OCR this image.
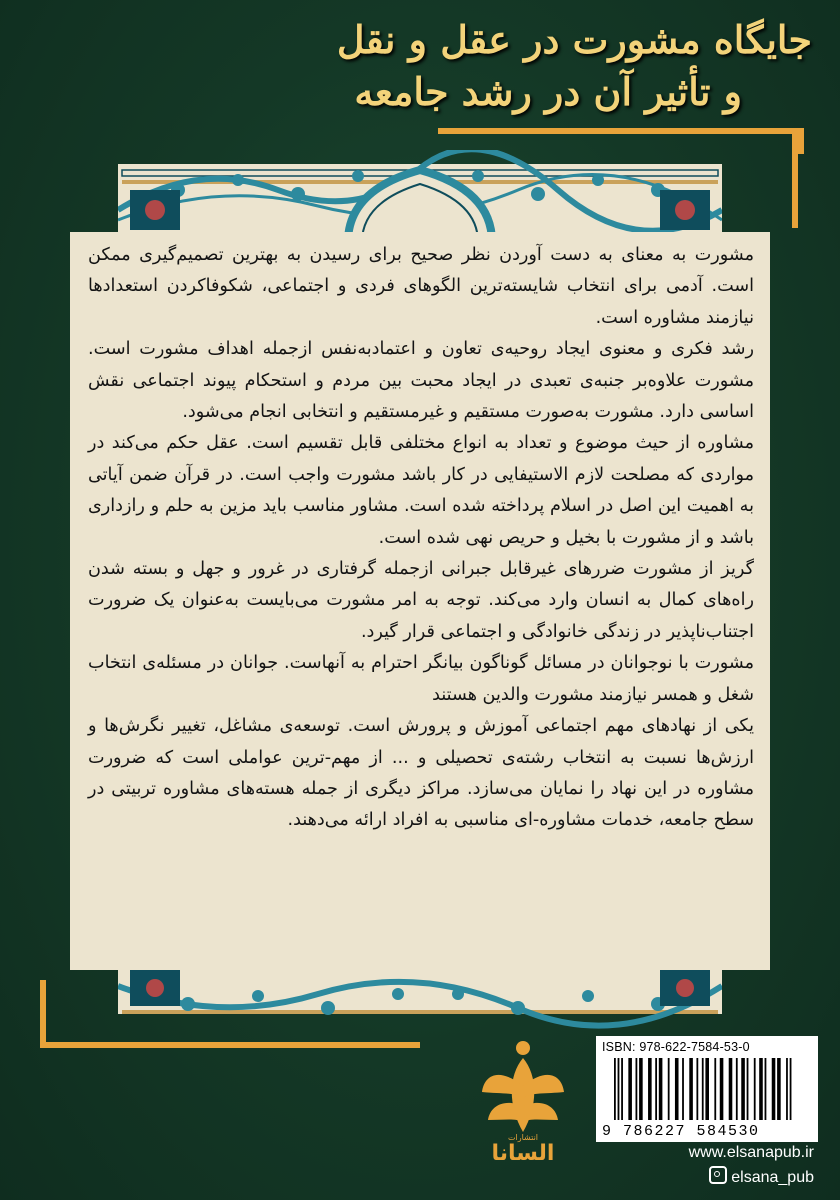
جایگاه مشورت در عقل و نقل
و تأثیر آن در رشد جامعه

مشورت به معنای به دست آوردن نظر صحیح برای رسیدن به بهترین تصمیم‌گیری ممکن است. آدمی برای انتخاب شایسته‌ترین الگوهای فردی و اجتماعی، شکوفاکردن استعدادها نیازمند مشاوره است.

رشد فکری و معنوی ایجاد روحیه‌ی تعاون و اعتمادبه‌نفس ازجمله اهداف مشورت است. مشورت علاوه‌بر جنبه‌ی تعبدی در ایجاد محبت بین مردم و استحکام پیوند اجتماعی نقش اساسی دارد. مشورت به‌صورت مستقیم و غیرمستقیم و انتخابی انجام می‌شود.

مشاوره از حیث موضوع و تعداد به انواع مختلفی قابل تقسیم است. عقل حکم می‌کند در مواردی که مصلحت لازم الاستیفایی در کار باشد مشورت واجب است. در قرآن ضمن آیاتی به اهمیت این اصل در اسلام پرداخته شده است. مشاور مناسب باید مزین به حلم و رازداری باشد و از مشورت با بخیل و حریص نهی شده است.

گریز از مشورت ضررهای غیرقابل جبرانی ازجمله گرفتاری در غرور و جهل و بسته شدن راه‌های کمال به انسان وارد می‌کند. توجه به امر مشورت می‌بایست به‌عنوان یک ضرورت اجتناب‌ناپذیر در زندگی خانوادگی و اجتماعی قرار گیرد.

مشورت با نوجوانان در مسائل گوناگون بیانگر احترام به آنهاست. جوانان در مسئله‌ی انتخاب شغل و همسر نیازمند مشورت والدین هستند

یکی از نهادهای مهم اجتماعی آموزش و پرورش است. توسعه‌ی مشاغل، تغییر نگرش‌ها و ارزش‌ها نسبت به انتخاب رشته‌ی تحصیلی و ... از مهم-ترین عواملی است که ضرورت مشاوره در این نهاد را نمایان می‌سازد. مراکز دیگری از جمله هسته‌های مشاوره تربیتی در سطح جامعه، خدمات مشاوره-ای مناسبی به افراد ارائه می‌دهند.

السانا
انتشارات
ISBN: 978-622-7584-53-0
9 786227 584530
www.elsanapub.ir
elsana_pub
